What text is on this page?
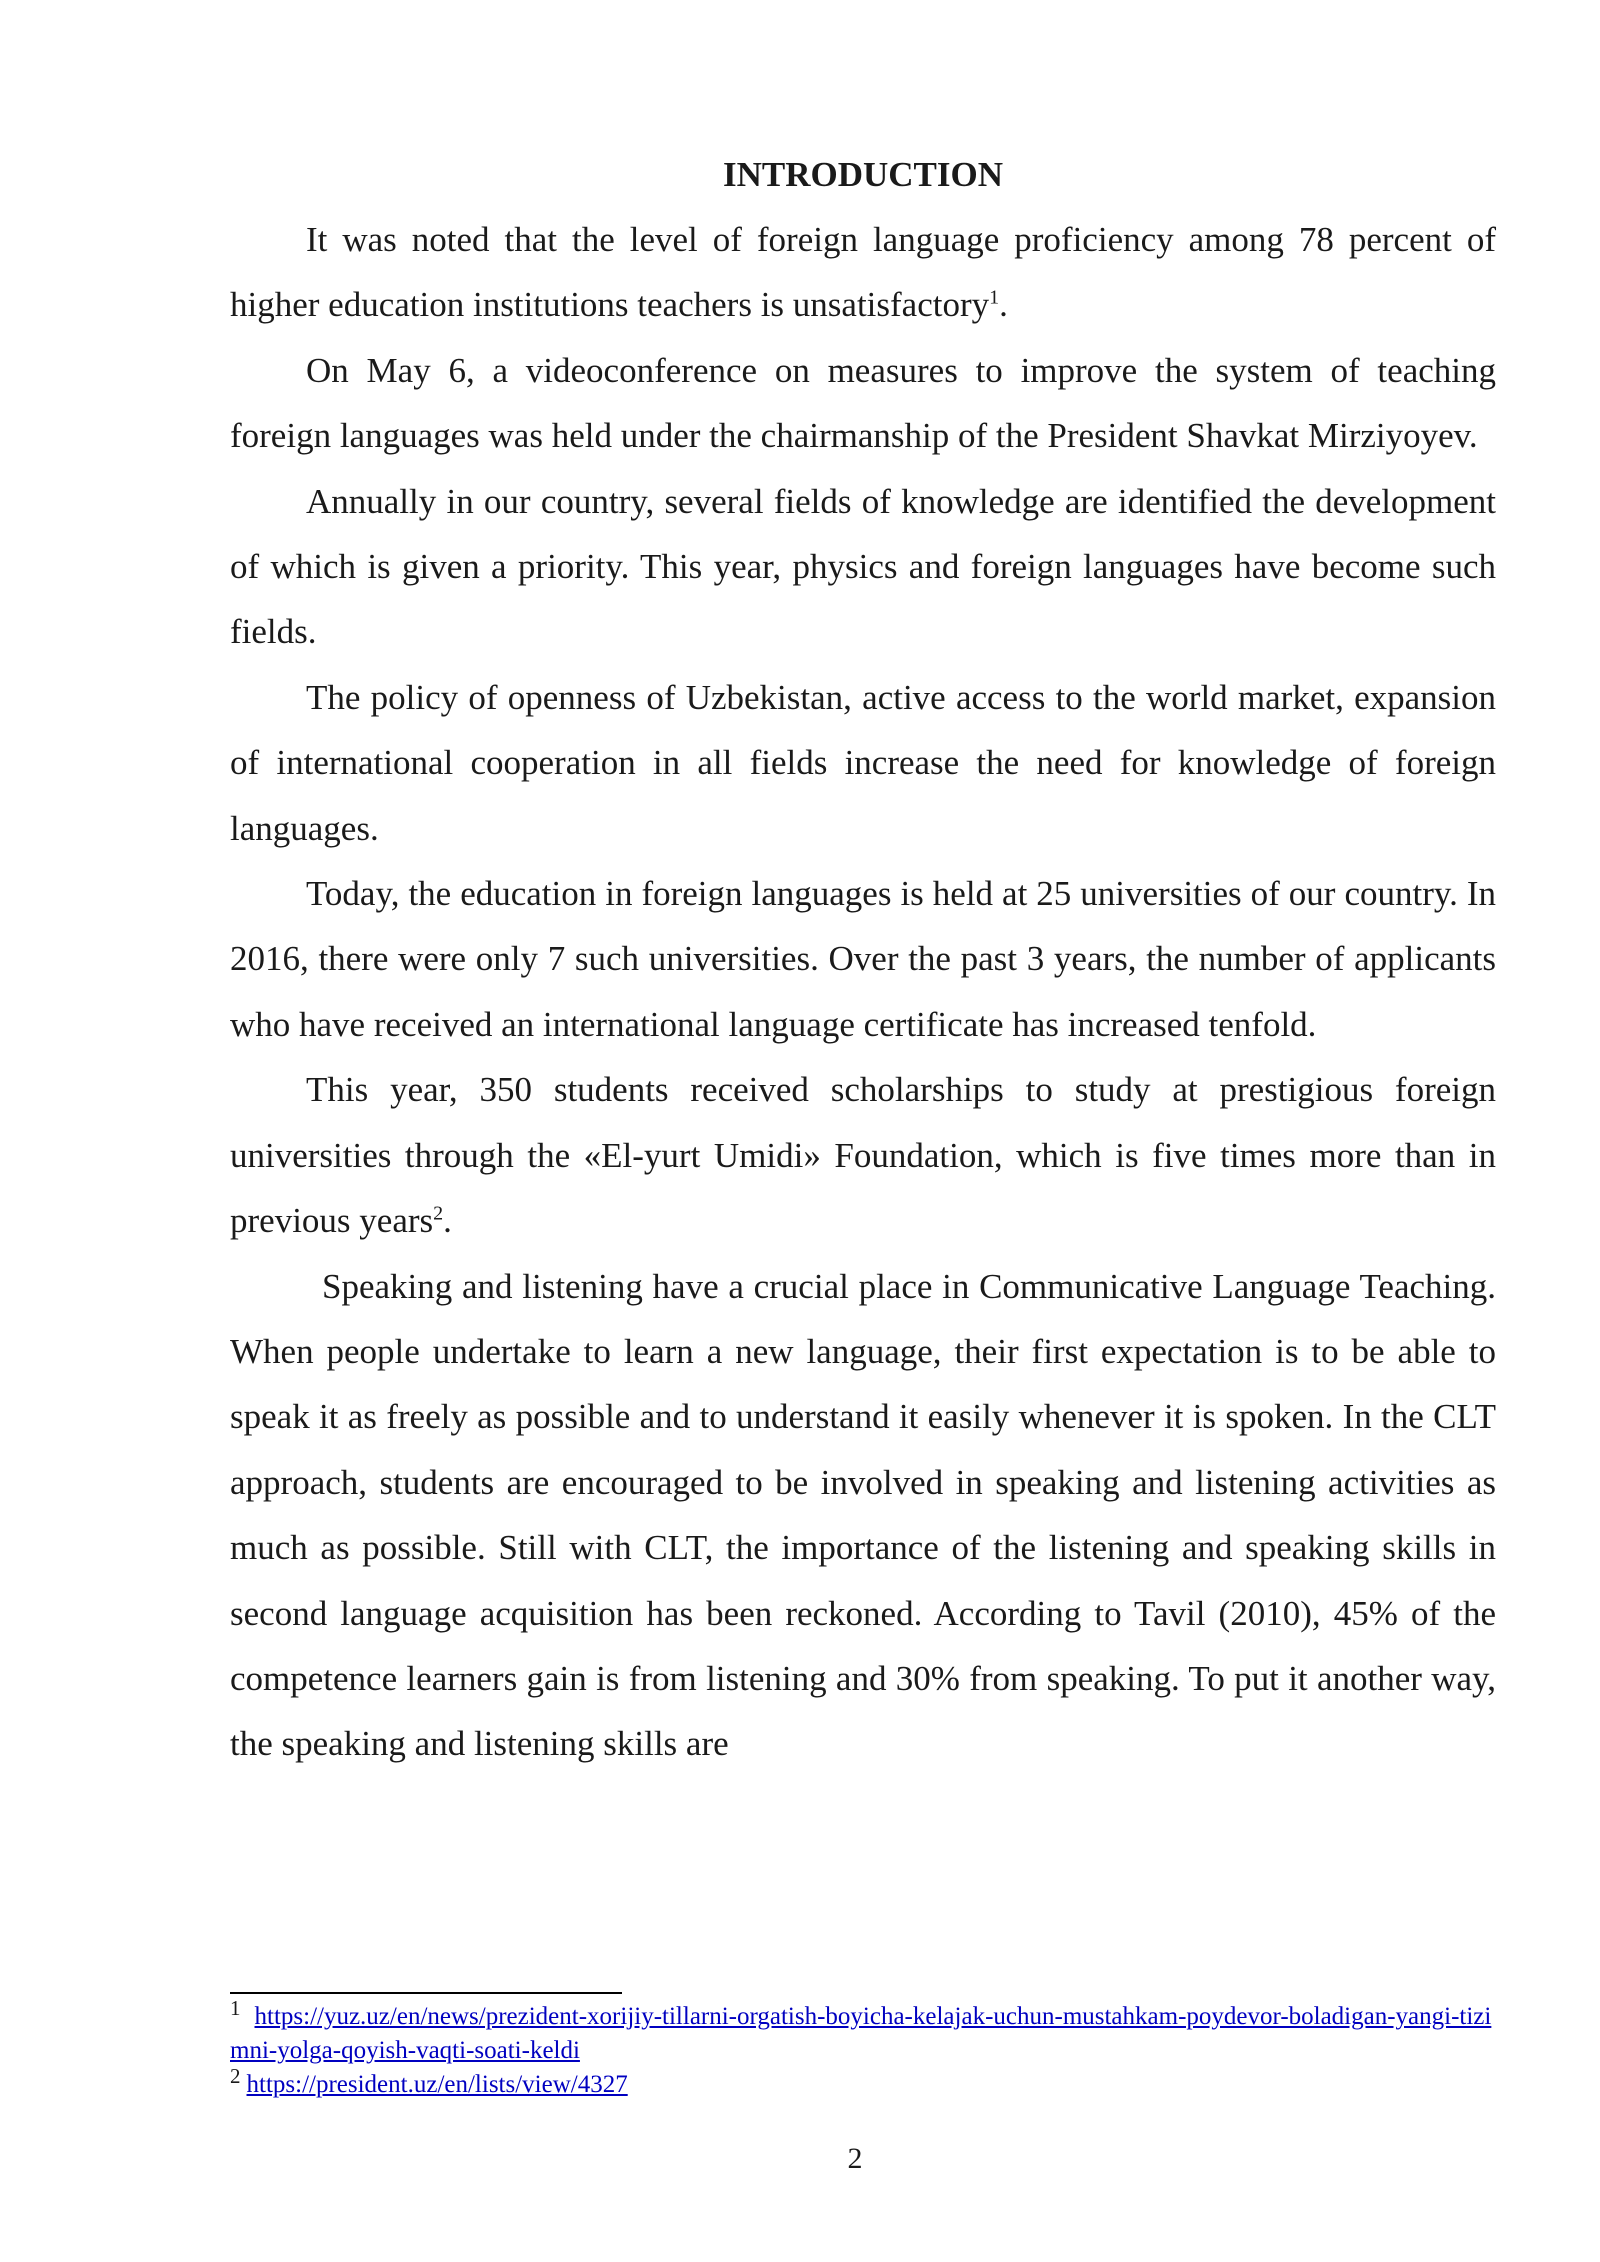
INTRODUCTION

It was noted that the level of foreign language proficiency among 78 percent of higher education institutions teachers is unsatisfactory$^1$.

On May 6, a videoconference on measures to improve the system of teaching foreign languages was held under the chairmanship of the President Shavkat Mirziyoyev.

Annually in our country, several fields of knowledge are identified the development of which is given a priority. This year, physics and foreign languages have become such fields.

The policy of openness of Uzbekistan, active access to the world market, expansion of international cooperation in all fields increase the need for knowledge of foreign languages.

Today, the education in foreign languages is held at 25 universities of our country. In 2016, there were only 7 such universities. Over the past 3 years, the number of applicants who have received an international language certificate has increased tenfold.

This year, 350 students received scholarships to study at prestigious foreign universities through the «El-yurt Umidi» Foundation, which is five times more than in previous years$^2$.

Speaking and listening have a crucial place in Communicative Language Teaching. When people undertake to learn a new language, their first expectation is to be able to speak it as freely as possible and to understand it easily whenever it is spoken. In the CLT approach, students are encouraged to be involved in speaking and listening activities as much as possible. Still with CLT, the importance of the listening and speaking skills in second language acquisition has been reckoned. According to Tavil (2010), 45% of the competence learners gain is from listening and 30% from speaking. To put it another way, the speaking and listening skills are

$^1$ https://yuz.uz/en/news/prezident-xorijiy-tillarni-orgatish-boyicha-kelajak-uchun-mustahkam-poydevor-boladigan-yangi-tizimni-yolga-qoyish-vaqti-soati-keldi

$^2$ https://president.uz/en/lists/view/4327

2
